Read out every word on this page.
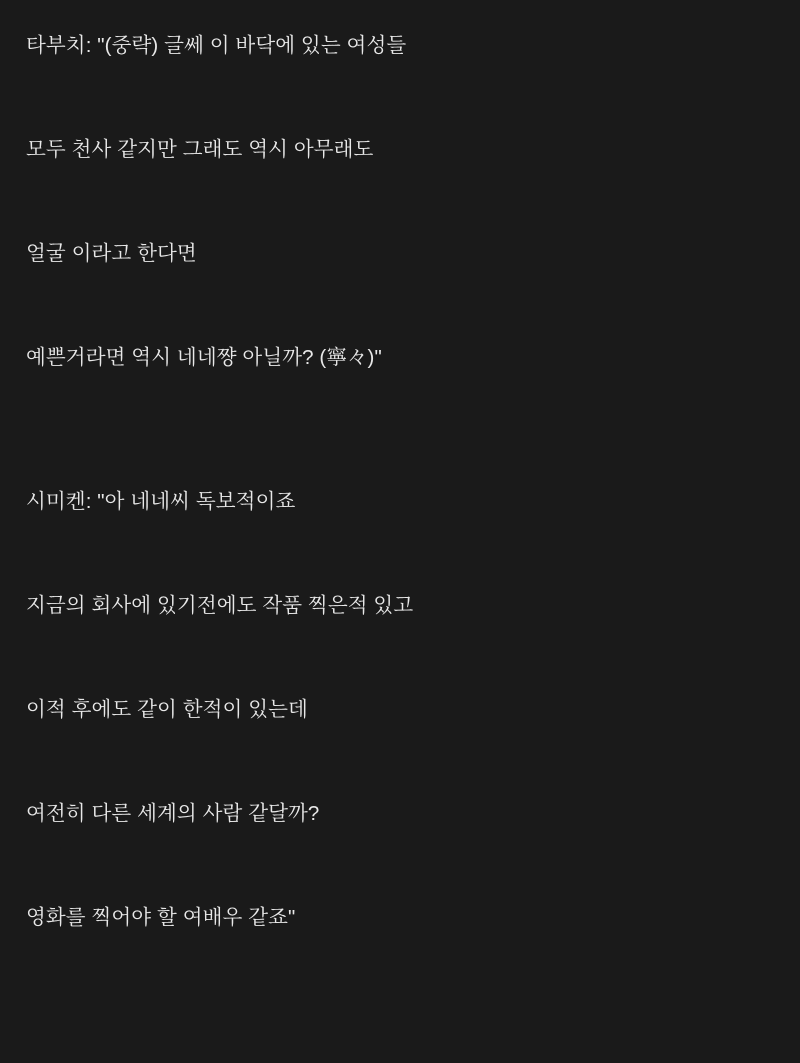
타부치: "(중략) 글쎄 이 바닥에 있는 여성들
모두 천사 같지만 그래도 역시 아무래도
얼굴 이라고 한다면
예쁜거라면 역시 네네쨩 아닐까? (寧々)"
시미켄: "아 네네씨 독보적이죠
지금의 회사에 있기전에도 작품 찍은적 있고
이적 후에도 같이 한적이 있는데
여전히 다른 세계의 사람 같달까?
영화를 찍어야 할 여배우 같죠"
